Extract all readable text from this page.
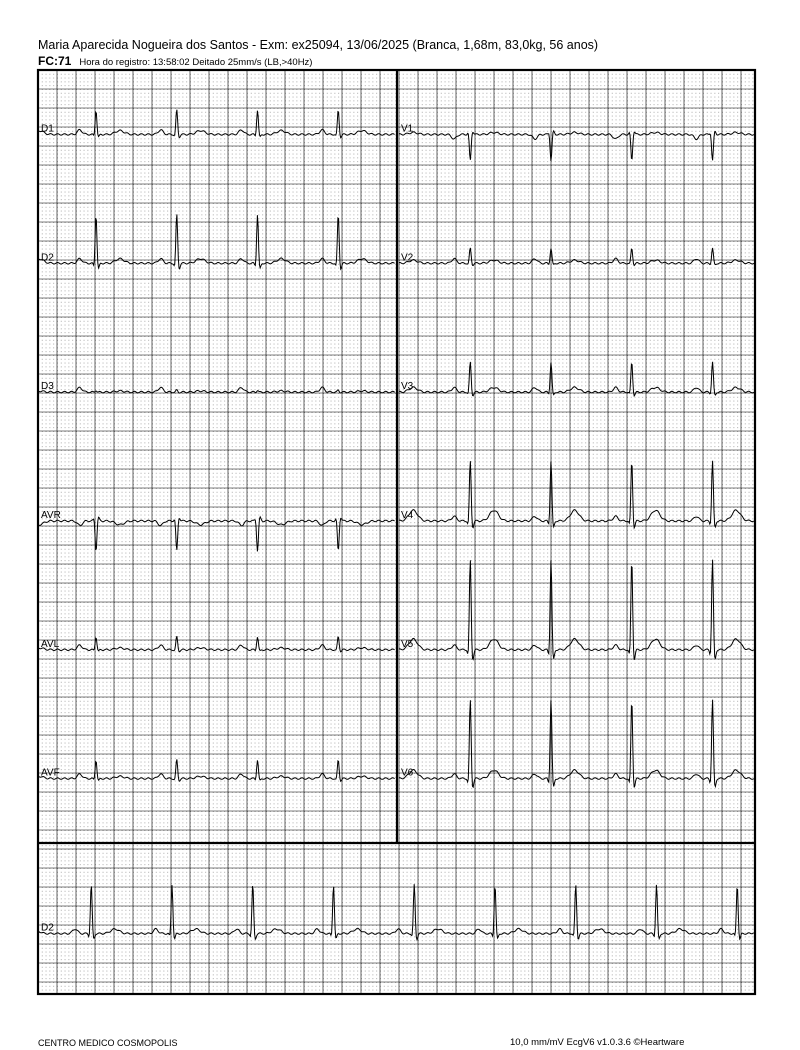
Maria Aparecida Nogueira dos Santos - Exm: ex25094, 13/06/2025 (Branca, 1,68m, 83,0kg, 56 anos)
FC:71 Hora do registro: 13:58:02 Deitado 25mm/s (LB,>40Hz)
D1
D2
D3
AVR
AVL
AVF
V1
V2
V3
V4
V5
V6
D2
CENTRO MEDICO COSMOPOLIS	10,0 mm/mV EcgV6 v1.0.3.6 ©Heartware
